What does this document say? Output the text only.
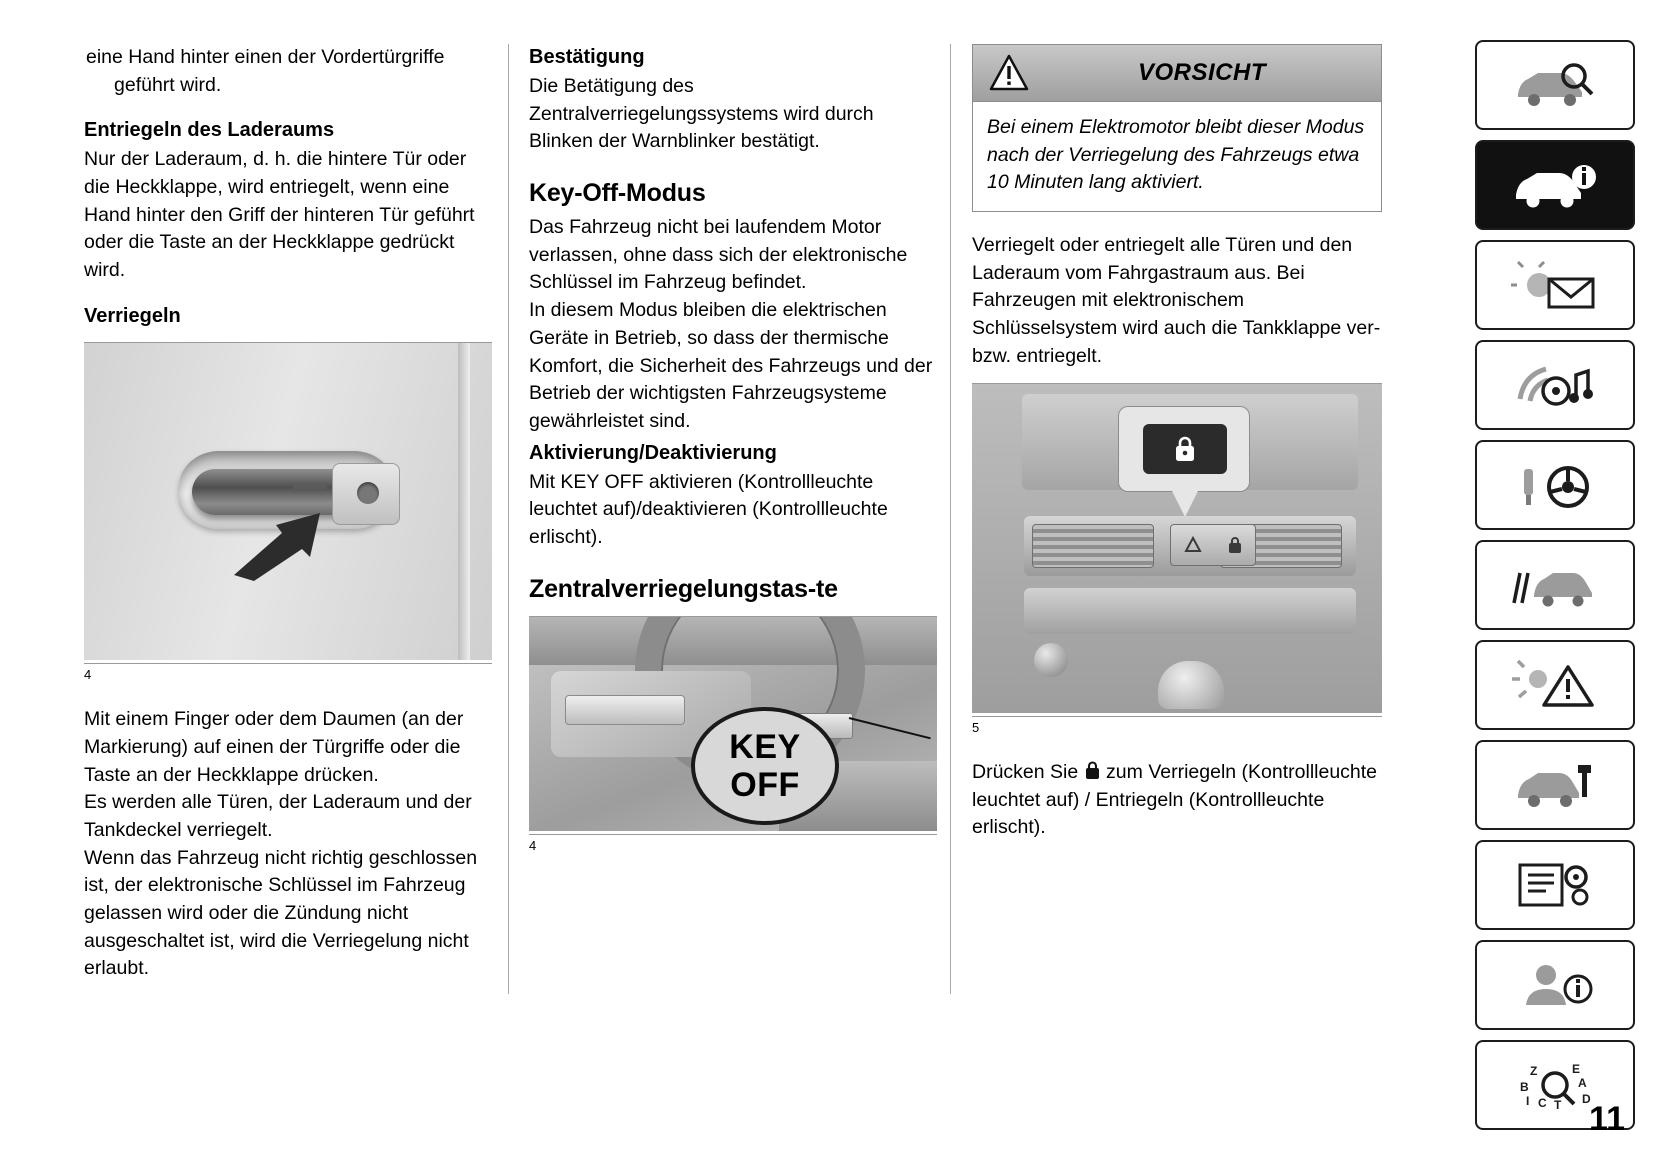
eine Hand hinter einen der Vordertürgriffe geführt wird.

Entriegeln des Laderaums

Nur der Laderaum, d. h. die hintere Tür oder die Heckklappe, wird entriegelt, wenn eine Hand hinter den Griff der hinteren Tür geführt oder die Taste an der Heckklappe gedrückt wird.

Verriegeln
4

Mit einem Finger oder dem Daumen (an der Markierung) auf einen der Türgriffe oder die Taste an der Heckklappe drücken.

Es werden alle Türen, der Laderaum und der Tankdeckel verriegelt.

Wenn das Fahrzeug nicht richtig geschlossen ist, der elektronische Schlüssel im Fahrzeug gelassen wird oder die Zündung nicht ausgeschaltet ist, wird die Verriegelung nicht erlaubt.

Bestätigung

Die Betätigung des Zentralverriegelungssystems wird durch Blinken der Warnblinker bestätigt.

Key-Off-Modus

Das Fahrzeug nicht bei laufendem Motor verlassen, ohne dass sich der elektronische Schlüssel im Fahrzeug befindet.

In diesem Modus bleiben die elektrischen Geräte in Betrieb, so dass der thermische Komfort, die Sicherheit des Fahrzeugs und der Betrieb der wichtigsten Fahrzeugsysteme gewährleistet sind.

Aktivierung/Deaktivierung

Mit KEY OFF aktivieren (Kontrollleuchte leuchtet auf)/deaktivieren (Kontrollleuchte erlischt).

Zentralverriegelungstas-te
KEY
OFF
4
VORSICHT
Bei einem Elektromotor bleibt dieser Modus nach der Verriegelung des Fahrzeugs etwa 10 Minuten lang aktiviert.

Verriegelt oder entriegelt alle Türen und den Laderaum vom Fahrgastraum aus. Bei Fahrzeugen mit elektronischem Schlüsselsystem wird auch die Tankklappe ver- bzw. entriegelt.

5

Drücken Sie  zum Verriegeln (Kontrollleuchte leuchtet auf) / Entriegeln (Kontrollleuchte erlischt).

Z	E
B	A
I C T D
11
